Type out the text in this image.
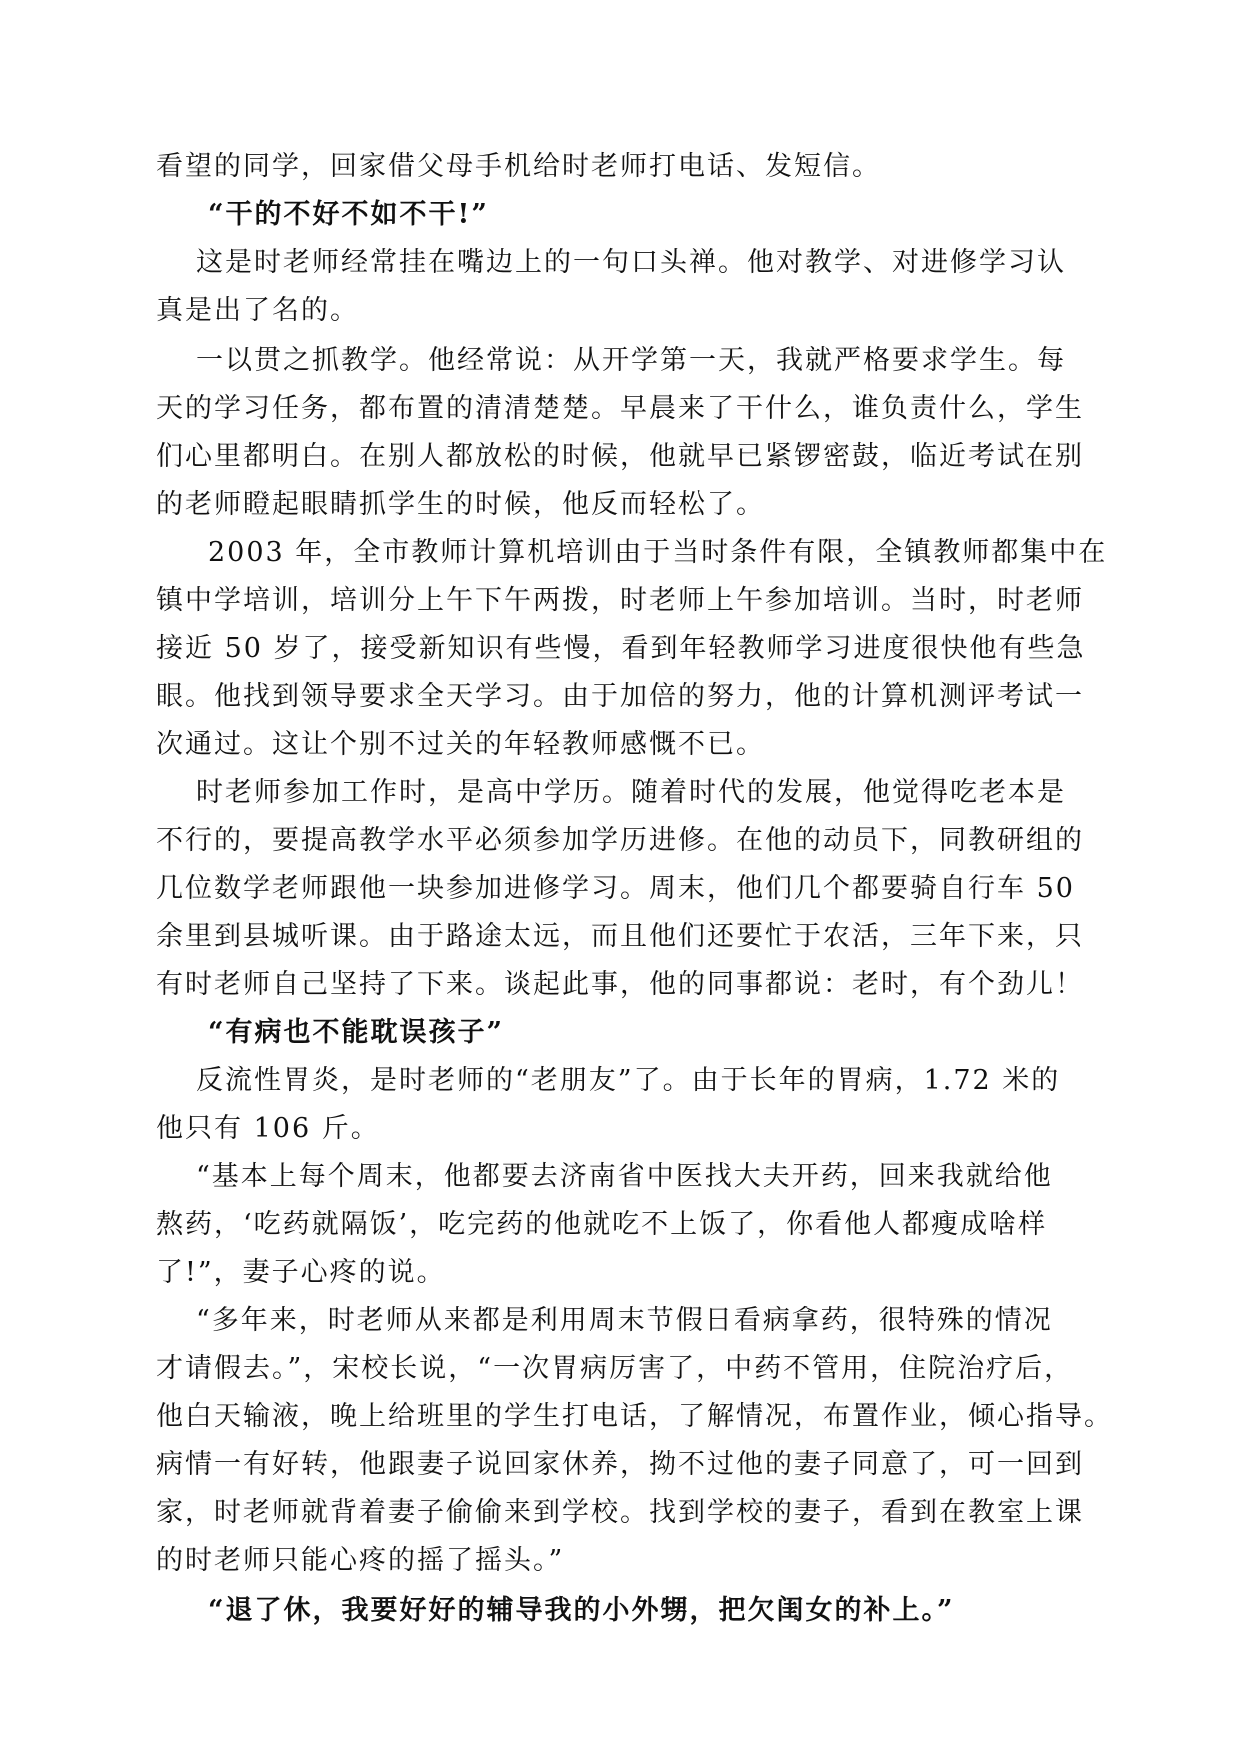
看望的同学，回家借父母手机给时老师打电话、发短信。

“干的不好不如不干!”

这是时老师经常挂在嘴边上的一句口头禅。他对教学、对进修学习认

真是出了名的。

一以贯之抓教学。他经常说：从开学第一天，我就严格要求学生。每

天的学习任务，都布置的清清楚楚。早晨来了干什么，谁负责什么，学生

们心里都明白。在别人都放松的时候，他就早已紧锣密鼓，临近考试在别

的老师瞪起眼睛抓学生的时候，他反而轻松了。

2003 年，全市教师计算机培训由于当时条件有限，全镇教师都集中在

镇中学培训，培训分上午下午两拨，时老师上午参加培训。当时，时老师

接近 50 岁了，接受新知识有些慢，看到年轻教师学习进度很快他有些急

眼。他找到领导要求全天学习。由于加倍的努力，他的计算机测评考试一

次通过。这让个别不过关的年轻教师感慨不已。

时老师参加工作时，是高中学历。随着时代的发展，他觉得吃老本是

不行的，要提高教学水平必须参加学历进修。在他的动员下，同教研组的

几位数学老师跟他一块参加进修学习。周末，他们几个都要骑自行车 50

余里到县城听课。由于路途太远，而且他们还要忙于农活，三年下来，只

有时老师自己坚持了下来。谈起此事，他的同事都说：老时，有个劲儿！

“有病也不能耽误孩子”

反流性胃炎，是时老师的“老朋友”了。由于长年的胃病，1.72 米的

他只有 106 斤。

“基本上每个周末，他都要去济南省中医找大夫开药，回来我就给他

熬药，‘吃药就隔饭’，吃完药的他就吃不上饭了，你看他人都瘦成啥样

了!”，妻子心疼的说。

“多年来，时老师从来都是利用周末节假日看病拿药，很特殊的情况

才请假去。”，宋校长说，“一次胃病厉害了，中药不管用，住院治疗后，

他白天输液，晚上给班里的学生打电话，了解情况，布置作业，倾心指导。

病情一有好转，他跟妻子说回家休养，拗不过他的妻子同意了，可一回到

家，时老师就背着妻子偷偷来到学校。找到学校的妻子，看到在教室上课

的时老师只能心疼的摇了摇头。”

“退了休，我要好好的辅导我的小外甥，把欠闺女的补上。”
